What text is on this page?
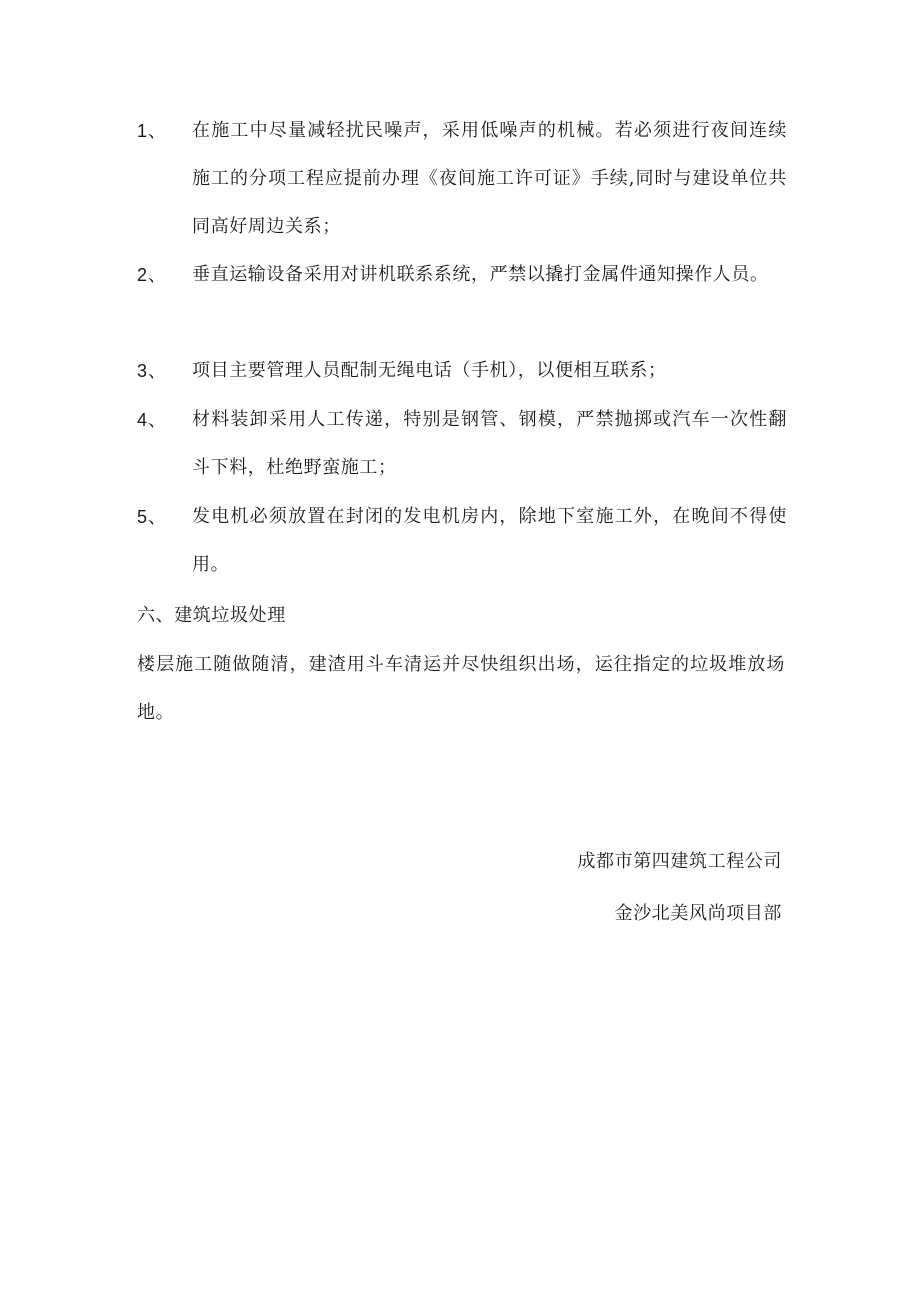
1、 在施工中尽量减轻扰民噪声，采用低噪声的机械。若必须进行夜间连续施工的分项工程应提前办理《夜间施工许可证》手续,同时与建设单位共同高好周边关系；
2、 垂直运输设备采用对讲机联系系统，严禁以撬打金属件通知操作人员。
3、 项目主要管理人员配制无绳电话（手机），以便相互联系；
4、 材料装卸采用人工传递，特别是钢管、钢模，严禁抛掷或汽车一次性翻斗下料，杜绝野蛮施工；
5、 发电机必须放置在封闭的发电机房内，除地下室施工外，在晚间不得使用。
六、建筑垃圾处理
楼层施工随做随清，建渣用斗车清运并尽快组织出场，运往指定的垃圾堆放场地。
成都市第四建筑工程公司
金沙北美风尚项目部
